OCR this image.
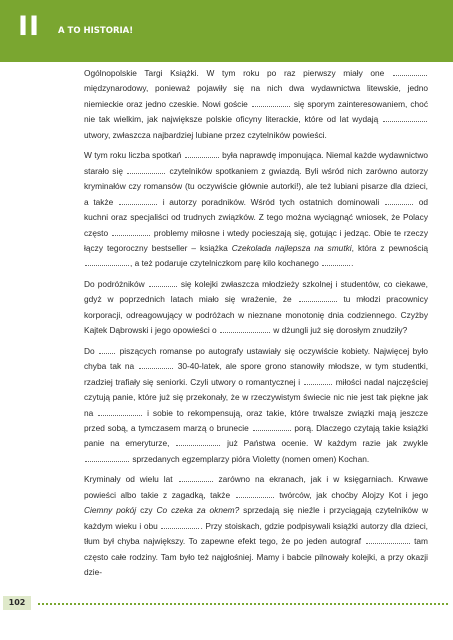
II A TO HISTORIA!

Ogólnopolskie Targi Książki. W tym roku po raz pierwszy miały one  międzynarodowy, ponieważ pojawiły się na nich dwa wydawnictwa litewskie, jedno niemieckie oraz jedno czeskie. Nowi goście	się sporym zainteresowaniem, choć nie tak wielkim, jak największe polskie oficyny literackie, które od lat wydają  utwory, zwłaszcza najbardziej lubiane przez czytelników powieści.

W tym roku liczba spotkań	była naprawdę imponująca. Niemal każde wydawnictwo starało się	czytelników spotkaniem z gwiazdą. Byli wśród nich zarówno autorzy kryminałów czy romansów (tu oczywiście głównie autorki!), ale też lubiani pisarze dla dzieci, a także	i autorzy poradników. Wśród tych ostatnich dominowali	od kuchni oraz specjaliści od trudnych związków. Z tego można wyciągnąć wniosek, że Polacy często	problemy miłosne i wtedy pocieszają się, gotując i jedząc. Obie te rzeczy łączy tegoroczny bestseller – książka Czekolada najlepsza na smutki, która z pewnością , a też podaruje czytelniczkom parę kilo kochanego	.

Do podróżników	się kolejki zwłaszcza młodzieży szkolnej i studentów, co ciekawe, gdyż w poprzednich latach miało się wrażenie, że	tu młodzi pracownicy korporacji, odreagowujący w podróżach w nieznane monotonię dnia codziennego. Czyżby Kajtek Dąbrowski i jego opowieści o	w dżungli już się dorosłym znudziły?

Do	piszących romanse po autografy ustawiały się oczywiście kobiety. Najwięcej było chyba tak na	30-40-latek, ale spore grono stanowiły młodsze, w tym studentki, rzadziej trafiały się seniorki. Czyli utwory o romantycznej i	miłości nadal najczęściej czytują panie, które już się przekonały, że w rzeczywistym świecie nic nie jest tak piękne jak na	i sobie to rekompensują, oraz takie, które trwalsze związki mają jeszcze przed sobą, a tymczasem marzą o brunecie	porą. Dlaczego czytają takie książki panie na emeryturze,	już Państwa ocenie. W każdym razie jak zwykle  sprzedanych egzemplarzy pióra Violetty (nomen omen) Kochan.

Kryminały od wielu lat	zarówno na ekranach, jak i w księgarniach. Krwawe powieści albo takie z zagadką, także	twórców, jak choćby Alojzy Kot i jego Ciemny pokój czy Co czeka za oknem? sprzedają się nieźle i przyciągają czytelników w każdym wieku i obu	. Przy stoiskach, gdzie podpisywali książki autorzy dla dzieci, tłum był chyba największy. To zapewne efekt tego, że po jeden autograf	tam często całe rodziny. Tam było też najgłośniej. Mamy i babcie pilnowały kolejki, a przy okazji dzie-

102
